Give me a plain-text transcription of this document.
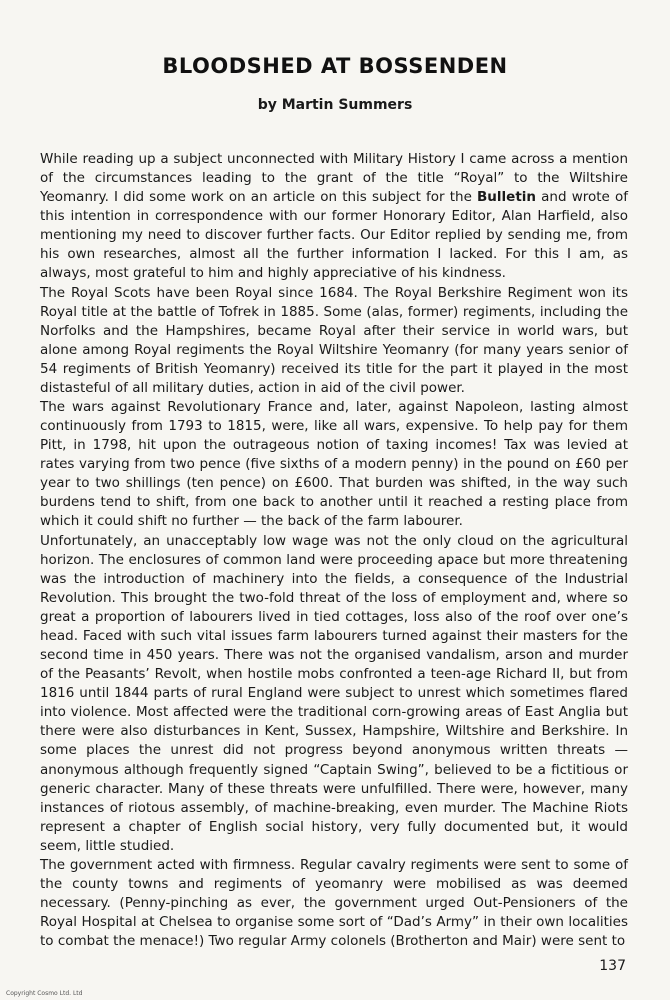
BLOODSHED AT BOSSENDEN
by Martin Summers

While reading up a subject unconnected with Military History I came across a mention of the circumstances leading to the grant of the title “Royal” to the Wiltshire Yeomanry. I did some work on an article on this subject for the Bulletin and wrote of this intention in correspondence with our former Honorary Editor, Alan Harfield, also mentioning my need to discover further facts. Our Editor replied by sending me, from his own researches, almost all the further information I lacked. For this I am, as always, most grateful to him and highly appreciative of his kindness.

The Royal Scots have been Royal since 1684. The Royal Berkshire Regiment won its Royal title at the battle of Tofrek in 1885. Some (alas, former) regiments, including the Norfolks and the Hampshires, became Royal after their service in world wars, but alone among Royal regiments the Royal Wiltshire Yeomanry (for many years senior of 54 regiments of British Yeomanry) received its title for the part it played in the most distasteful of all military duties, action in aid of the civil power.

The wars against Revolutionary France and, later, against Napoleon, lasting almost continuously from 1793 to 1815, were, like all wars, expensive. To help pay for them Pitt, in 1798, hit upon the outrageous notion of taxing incomes! Tax was levied at rates varying from two pence (five sixths of a modern penny) in the pound on £60 per year to two shillings (ten pence) on £600. That burden was shifted, in the way such burdens tend to shift, from one back to another until it reached a resting place from which it could shift no further — the back of the farm labourer.

Unfortunately, an unacceptably low wage was not the only cloud on the agricultural horizon. The enclosures of common land were proceeding apace but more threatening was the introduction of machinery into the fields, a consequence of the Industrial Revolution. This brought the two-fold threat of the loss of employment and, where so great a proportion of labourers lived in tied cottages, loss also of the roof over one’s head. Faced with such vital issues farm labourers turned against their masters for the second time in 450 years. There was not the organised vandalism, arson and murder of the Peasants’ Revolt, when hostile mobs confronted a teen-age Richard II, but from 1816 until 1844 parts of rural England were subject to unrest which sometimes flared into violence. Most affected were the traditional corn-growing areas of East Anglia but there were also disturbances in Kent, Sussex, Hampshire, Wiltshire and Berkshire. In some places the unrest did not progress beyond anonymous written threats — anonymous although frequently signed “Captain Swing”, believed to be a fictitious or generic character. Many of these threats were unfulfilled. There were, however, many instances of riotous assembly, of machine-breaking, even murder. The Machine Riots represent a chapter of English social history, very fully documented but, it would seem, little studied.

The government acted with firmness. Regular cavalry regiments were sent to some of the county towns and regiments of yeomanry were mobilised as was deemed necessary. (Penny-pinching as ever, the government urged Out-Pensioners of the Royal Hospital at Chelsea to organise some sort of “Dad’s Army” in their own localities to combat the menace!) Two regular Army colonels (Brotherton and Mair) were sent to

137
Copyright Cosmo Ltd. Ltd
